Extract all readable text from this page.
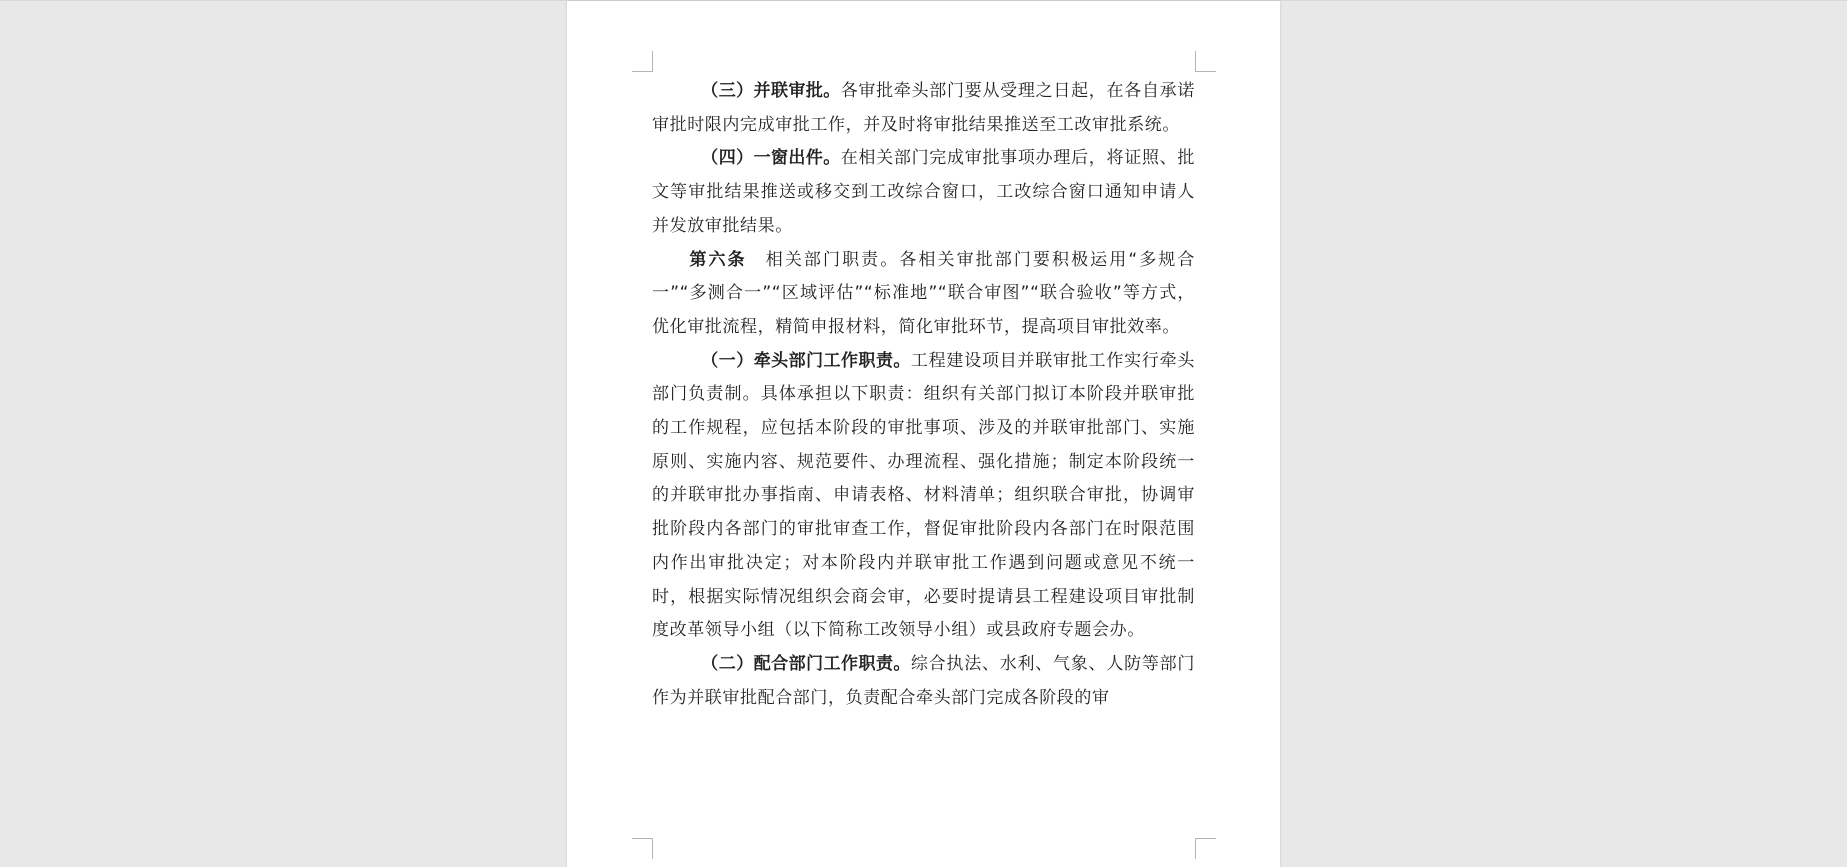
（三）并联审批。各审批牵头部门要从受理之日起，在各自承诺审批时限内完成审批工作，并及时将审批结果推送至工改审批系统。

（四）一窗出件。在相关部门完成审批事项办理后，将证照、批文等审批结果推送或移交到工改综合窗口，工改综合窗口通知申请人并发放审批结果。

第六条　相关部门职责。各相关审批部门要积极运用“多规合一”“多测合一”“区域评估”“标准地”“联合审图”“联合验收”等方式，优化审批流程，精简申报材料，简化审批环节，提高项目审批效率。

（一）牵头部门工作职责。工程建设项目并联审批工作实行牵头部门负责制。具体承担以下职责：组织有关部门拟订本阶段并联审批的工作规程，应包括本阶段的审批事项、涉及的并联审批部门、实施原则、实施内容、规范要件、办理流程、强化措施；制定本阶段统一的并联审批办事指南、申请表格、材料清单；组织联合审批，协调审批阶段内各部门的审批审查工作，督促审批阶段内各部门在时限范围内作出审批决定；对本阶段内并联审批工作遇到问题或意见不统一时，根据实际情况组织会商会审，必要时提请县工程建设项目审批制度改革领导小组（以下简称工改领导小组）或县政府专题会办。

（二）配合部门工作职责。综合执法、水利、气象、人防等部门作为并联审批配合部门，负责配合牵头部门完成各阶段的审
